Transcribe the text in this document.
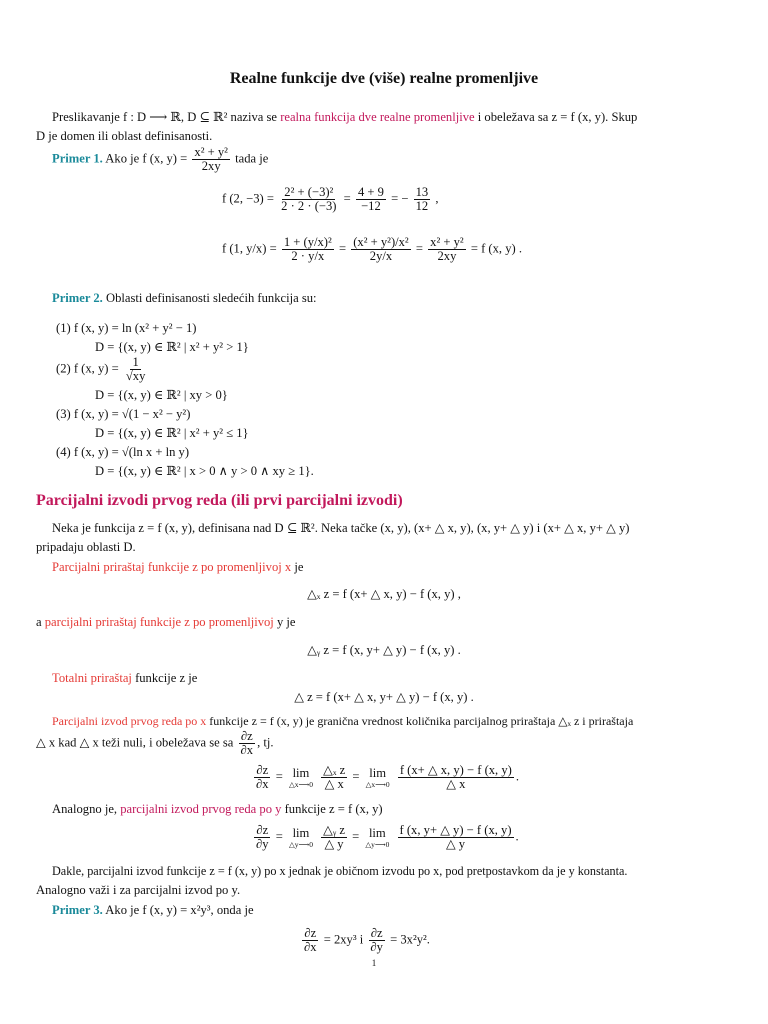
Realne funkcije dve (više) realne promenljive
Preslikavanje f : D ⟶ ℝ, D ⊆ ℝ² naziva se realna funkcija dve realne promenljive i obeležava sa z = f (x, y). Skup
D je domen ili oblast definisanosti.
Primer 1. Ako je f (x, $y) = \frac{\text{x² + y²}}{2xy}$ tada je
f (2, $-3) = \frac{\text{2² + (−3)²}}{2 \cdot 2 \cdot (-3)} = \frac{4 + 9}{-12}$ = − $\frac{13}{12}$ ,
f (1, $y/x) = \frac{\text{1 + (y/x)²}}{2 \cdot y/x} = \frac{\text{(x² + y²)/x²}}{2y/x} = \frac{\text{x² + y²}}{2xy} = f$ (x, y) .
Primer 2. Oblasti definisanosti sledećih funkcija su:
(1) f (x, y) = ln (x² + y² − 1)
D = {(x, y) ∈ ℝ² | x² + y² > 1}
(2) f (x, $y) = \frac{1}{√xy}$
D = {(x, y) ∈ ℝ² | xy > 0}
(3) f (x, y) = √(1 − x² − y²)
D = {(x, y) ∈ ℝ² | x² + y² ≤ 1}
(4) f (x, y) = √(ln x + ln y)
D = {(x, y) ∈ ℝ² | x > 0 ∧ y > 0 ∧ xy ≥ 1}.
Parcijalni izvodi prvog reda (ili prvi parcijalni izvodi)
Neka je funkcija z = f (x, y), definisana nad D ⊆ ℝ². Neka tačke (x, y), (x+ △ x, y), (x, y+ △ y) i (x+ △ x, y+ △ y)
pripadaju oblasti D.
Parcijalni priraštaj funkcije z po promenljivoj x je
△ₓ z = f (x+ △ x, y) − f (x, y) ,
a parcijalni priraštaj funkcije z po promenljivoj y je
△ᵧ z = f (x, y+ △ y) − f (x, y) .
Totalni priraštaj funkcije z je
△ z = f (x+ △ x, y+ △ y) − f (x, y) .
Parcijalni izvod prvog reda po x funkcije z = f (x, y) je granična vrednost količnika parcijalnog priraštaja △ₓ z i priraštaja
△ x kad △ x teži nuli, i obeležava se sa $\frac{\partial z}{\partial x}$ , tj.
$\frac{\partial z}{\partial x} = \lim$
△x⟶0
$\frac{\text{△ₓ z}}{\triangle x} = \lim$
△x⟶0
$\frac{f (x+ \triangle x, y) - f (x, y)}{\triangle x}$ .
Analogno je, parcijalni izvod prvog reda po y funkcije z = f (x, y)
$\frac{\partial z}{\partial y} = \lim$
△y⟶0
$\frac{\text{△ᵧ z}}{\triangle y} = \lim$
△y⟶0
$\frac{f (x, y+ \triangle y) - f (x, y)}{\triangle y}$ .
Dakle, parcijalni izvod funkcije z = f (x, y) po x jednak je običnom izvodu po x, pod pretpostavkom da je y konstanta.
Analogno važi i za parcijalni izvod po y.
Primer 3. Ako je f (x, y) = x²y³, onda je
$\frac{\partial z}{\partial x} = 2xy^3$ i $\frac{\partial z}{\partial y} = 3x^2y^2$.
1
